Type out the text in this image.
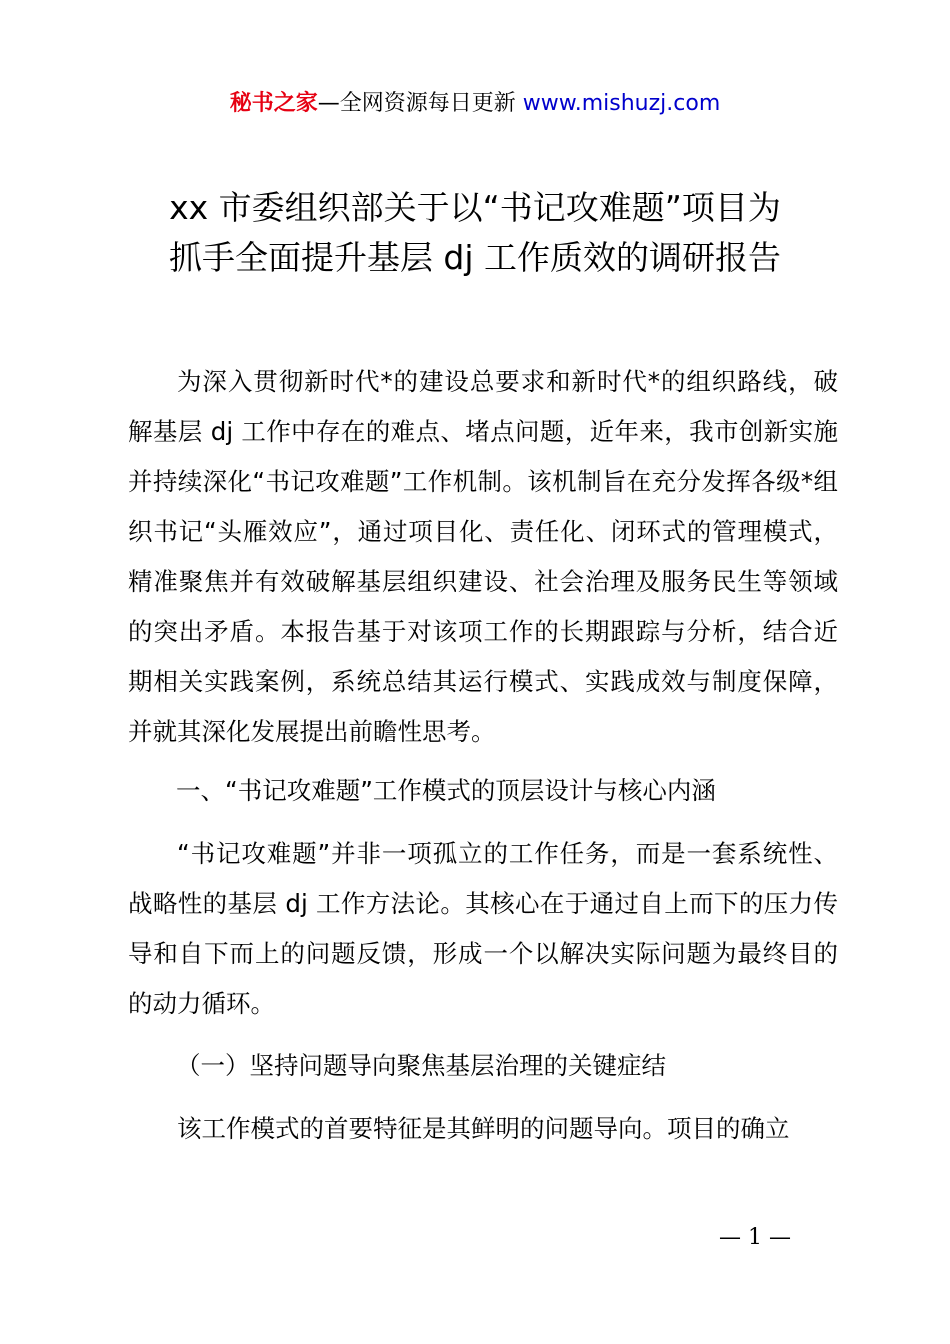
秘书之家—全网资源每日更新 www.mishuzj.com
xx 市委组织部关于以“书记攻难题”项目为
抓手全面提升基层 dj 工作质效的调研报告

为深入贯彻新时代*的建设总要求和新时代*的组织路线，破解基层 dj 工作中存在的难点、堵点问题，近年来，我市创新实施并持续深化“书记攻难题”工作机制。该机制旨在充分发挥各级*组织书记“头雁效应”，通过项目化、责任化、闭环式的管理模式，精准聚焦并有效破解基层组织建设、社会治理及服务民生等领域的突出矛盾。本报告基于对该项工作的长期跟踪与分析，结合近期相关实践案例，系统总结其运行模式、实践成效与制度保障，并就其深化发展提出前瞻性思考。

一、“书记攻难题”工作模式的顶层设计与核心内涵

“书记攻难题”并非一项孤立的工作任务，而是一套系统性、战略性的基层 dj 工作方法论。其核心在于通过自上而下的压力传导和自下而上的问题反馈，形成一个以解决实际问题为最终目的的动力循环。

（一）坚持问题导向聚焦基层治理的关键症结

该工作模式的首要特征是其鲜明的问题导向。项目的确立

— 1 —
